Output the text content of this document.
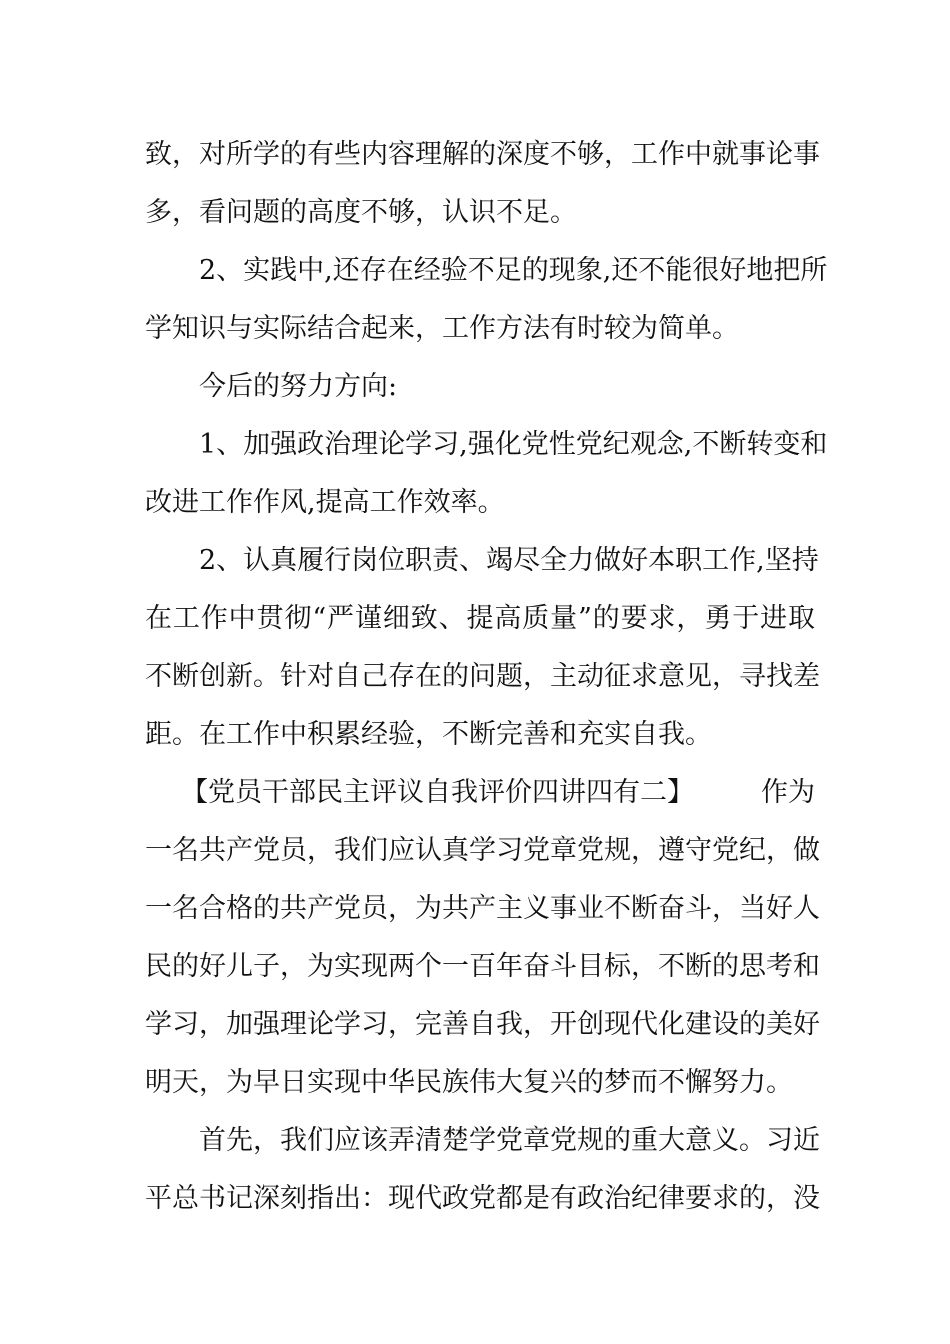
致，对所学的有些内容理解的深度不够，工作中就事论事
多，看问题的高度不够，认识不足。
2、实践中,还存在经验不足的现象,还不能很好地把所
学知识与实际结合起来，工作方法有时较为简单。
今后的努力方向:
1、加强政治理论学习,强化党性党纪观念,不断转变和
改进工作作风,提高工作效率。
2、认真履行岗位职责、竭尽全力做好本职工作,坚持
在工作中贯彻“严谨细致、提高质量”的要求，勇于进取
不断创新。针对自己存在的问题，主动征求意见，寻找差
距。在工作中积累经验，不断完善和充实自我。
【党员干部民主评议自我评价四讲四有二】 作为
一名共产党员，我们应认真学习党章党规，遵守党纪，做
一名合格的共产党员，为共产主义事业不断奋斗，当好人
民的好儿子，为实现两个一百年奋斗目标，不断的思考和
学习，加强理论学习，完善自我，开创现代化建设的美好
明天，为早日实现中华民族伟大复兴的梦而不懈努力。
首先，我们应该弄清楚学党章党规的重大意义。习近
平总书记深刻指出：现代政党都是有政治纪律要求的，没
